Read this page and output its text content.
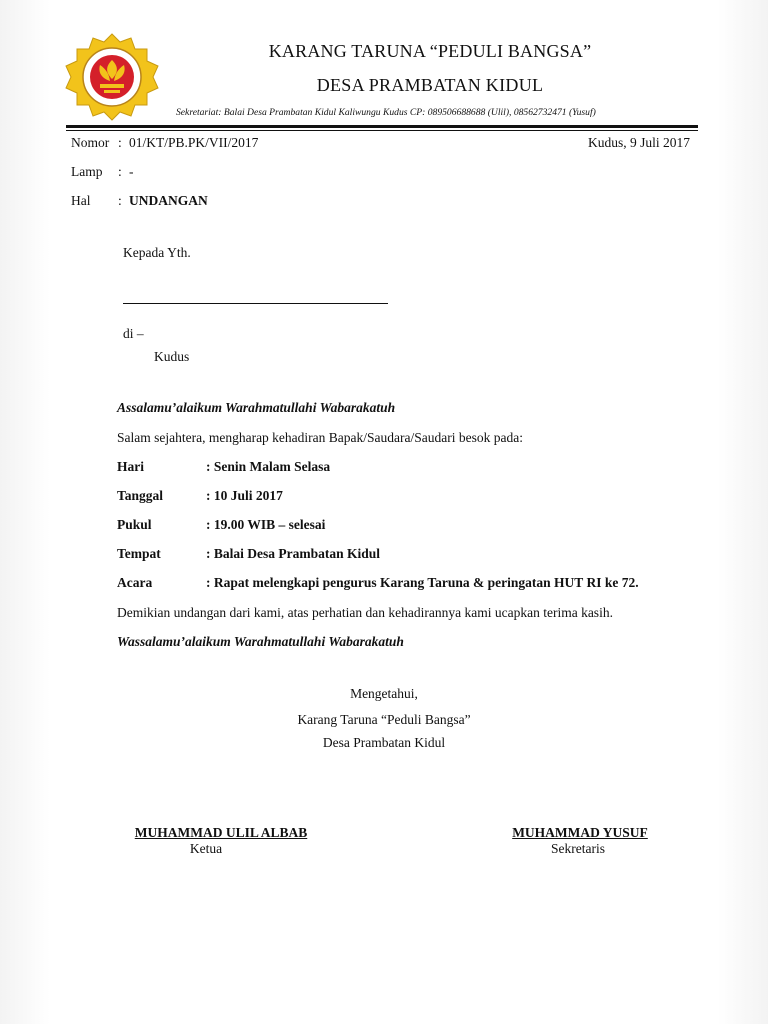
KARANG TARUNA “PEDULI BANGSA”
DESA PRAMBATAN KIDUL
Sekretariat: Balai Desa Prambatan Kidul Kaliwungu Kudus CP: 089506688688 (Ulil), 08562732471 (Yusuf)
Nomor : 01/KT/PB.PK/VII/2017	Kudus, 9 Juli 2017
Lamp : -
Hal : UNDANGAN
Kepada Yth.
di –
Kudus
Assalamu’alaikum Warahmatullahi Wabarakatuh
Salam sejahtera, mengharap kehadiran Bapak/Saudara/Saudari besok pada:
Hari	: Senin Malam Selasa
Tanggal	: 10 Juli 2017
Pukul	: 19.00 WIB – selesai
Tempat	: Balai Desa Prambatan Kidul
Acara	: Rapat melengkapi pengurus Karang Taruna & peringatan HUT RI ke 72.
Demikian undangan dari kami, atas perhatian dan kehadirannya kami ucapkan terima kasih.
Wassalamu’alaikum Warahmatullahi Wabarakatuh
Mengetahui,
Karang Taruna “Peduli Bangsa”
Desa Prambatan Kidul
MUHAMMAD ULIL ALBAB
Ketua
MUHAMMAD YUSUF
Sekretaris
